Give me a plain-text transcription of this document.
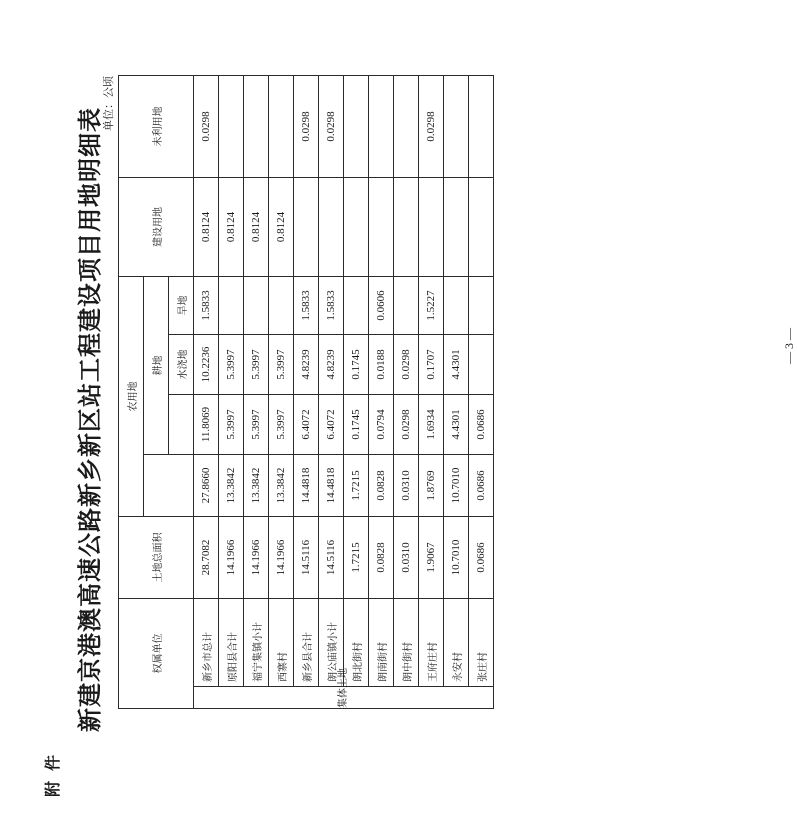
附件
新建京港澳高速公路新乡新区站工程建设项目用地明细表
单位：公顷
权属单位		土地总面积	农用地				建设用地	未利用地
				耕地				
					水浇地	旱地		
集体土地	新乡市总计	28.7082	27.8660	11.8069	10.2236	1.5833	0.8124	0.0298
	原阳县合计	14.1966	13.3842	5.3997	5.3997		0.8124	
	福宁集镇小计	14.1966	13.3842	5.3997	5.3997		0.8124	
	西寨村	14.1966	13.3842	5.3997	5.3997		0.8124	
	新乡县合计	14.5116	14.4818	6.4072	4.8239	1.5833		0.0298
	朗公庙镇小计	14.5116	14.4818	6.4072	4.8239	1.5833		0.0298
	朗北街村	1.7215	1.7215	0.1745	0.1745			
	朗南街村	0.0828	0.0828	0.0794	0.0188	0.0606		
	朗中街村	0.0310	0.0310	0.0298	0.0298			
	王府庄村	1.9067	1.8769	1.6934	0.1707	1.5227		0.0298
	永安村	10.7010	10.7010	4.4301	4.4301			
	张庄村	0.0686	0.0686	0.0686				
— 3 —
